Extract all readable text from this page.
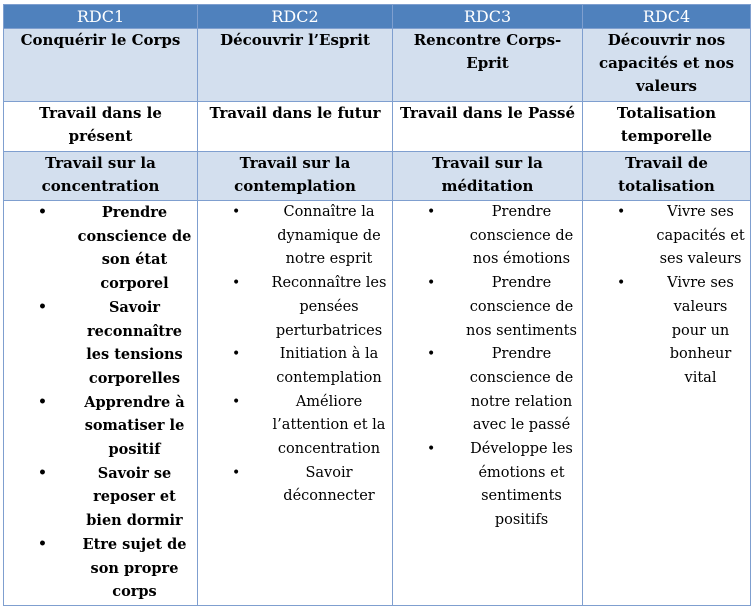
RDC1	RDC2	RDC3	RDC4
Conquérir le Corps	Découvrir l’Esprit	Rencontre Corps-Eprit	Découvrir nos capacités et nos valeurs
Travail dans le présent	Travail dans le futur	Travail dans le Passé	Totalisation temporelle
Travail sur la concentration	Travail sur la contemplation	Travail sur la méditation	Travail de totalisation

•	Prendre conscience de son état corporel
•	Savoir reconnaître les tensions corporelles
•	Apprendre à somatiser le positif
•	Savoir se reposer et bien dormir
• Etre sujet de son propre corps

•	Connaître la dynamique de notre esprit
• Reconnaître les pensées perturbatrices
•	Initiation à la contemplation
•	Améliore l’attention et la concentration
•	Savoir déconnecter

•	Prendre conscience de nos émotions
•	Prendre conscience de nos sentiments
•	Prendre conscience de notre relation avec le passé
• Développe les émotions et sentiments positifs

•	Vivre ses capacités et ses valeurs
•	Vivre ses valeurs pour un bonheur vital
